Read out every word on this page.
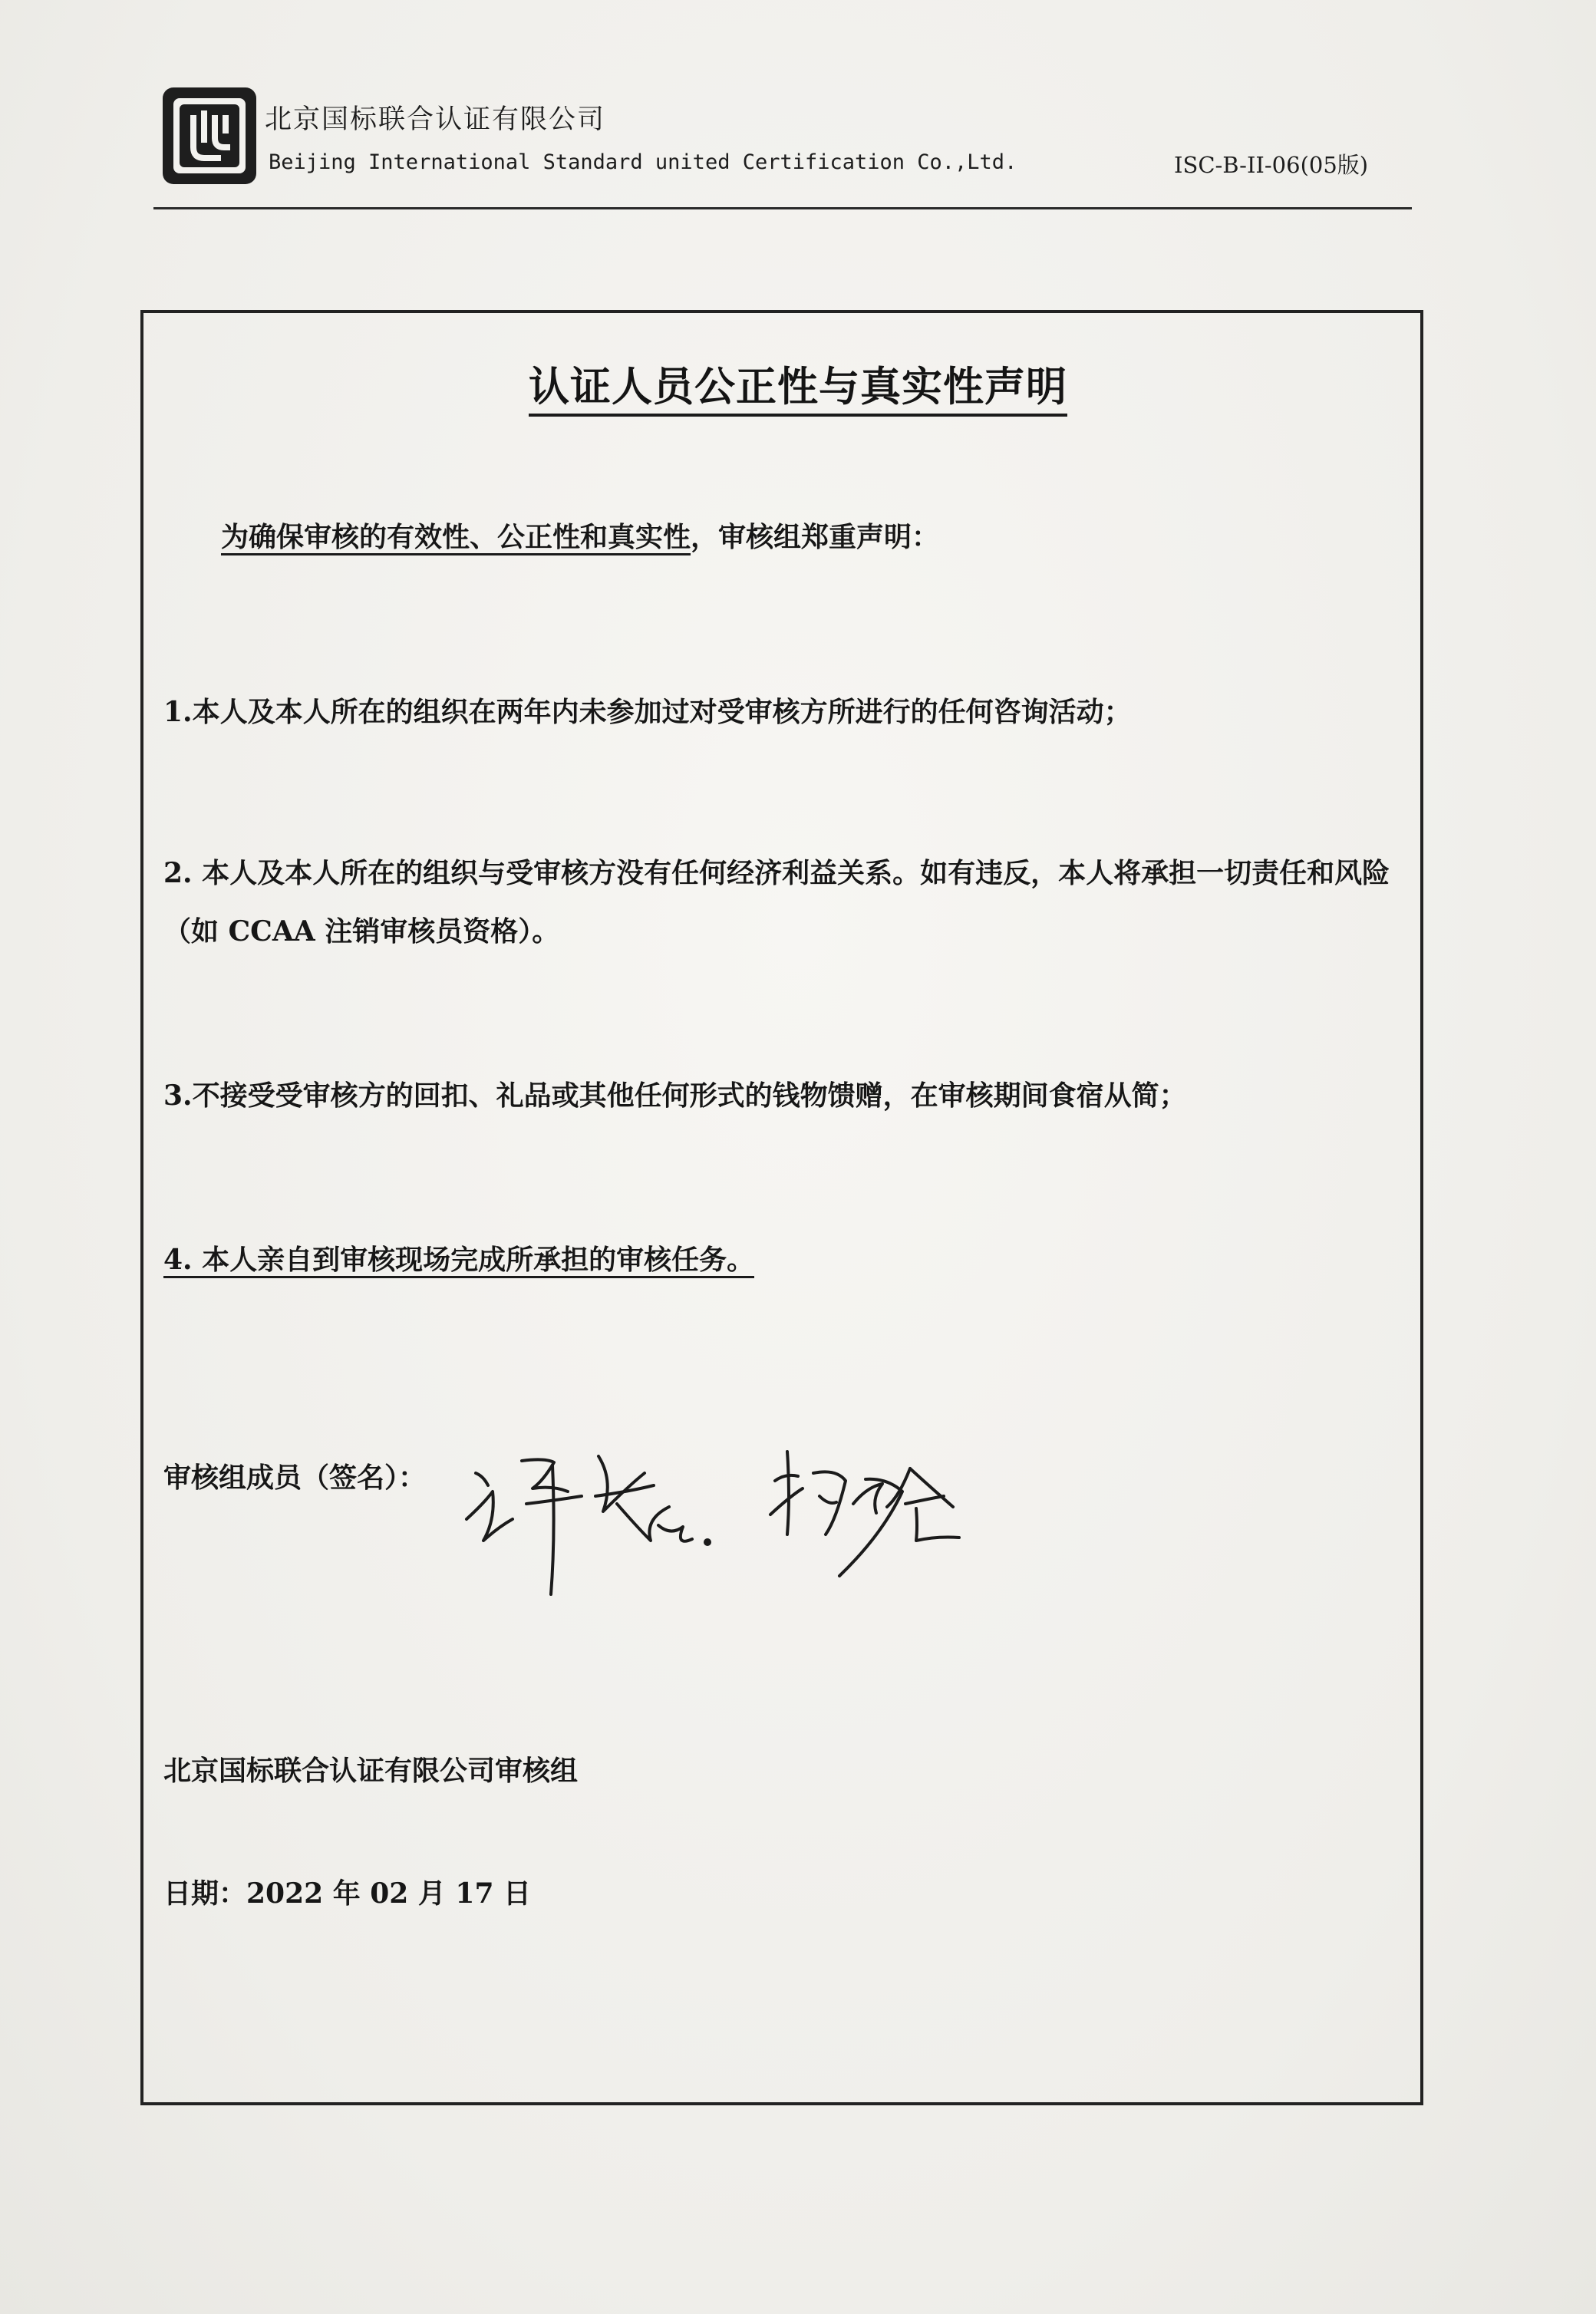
北京国标联合认证有限公司
Beijing International Standard united Certification Co.,Ltd.	ISC-B-II-06(05版)
认证人员公正性与真实性声明
为确保审核的有效性、公正性和真实性，审核组郑重声明：
1.本人及本人所在的组织在两年内未参加过对受审核方所进行的任何咨询活动；
2. 本人及本人所在的组织与受审核方没有任何经济利益关系。如有违反，本人将承担一切责任和风险（如 CCAA 注销审核员资格）。
3.不接受受审核方的回扣、礼品或其他任何形式的钱物馈赠，在审核期间食宿从简；
4. 本人亲自到审核现场完成所承担的审核任务。
审核组成员（签名）：
北京国标联合认证有限公司审核组
日期：2022 年 02 月 17 日
